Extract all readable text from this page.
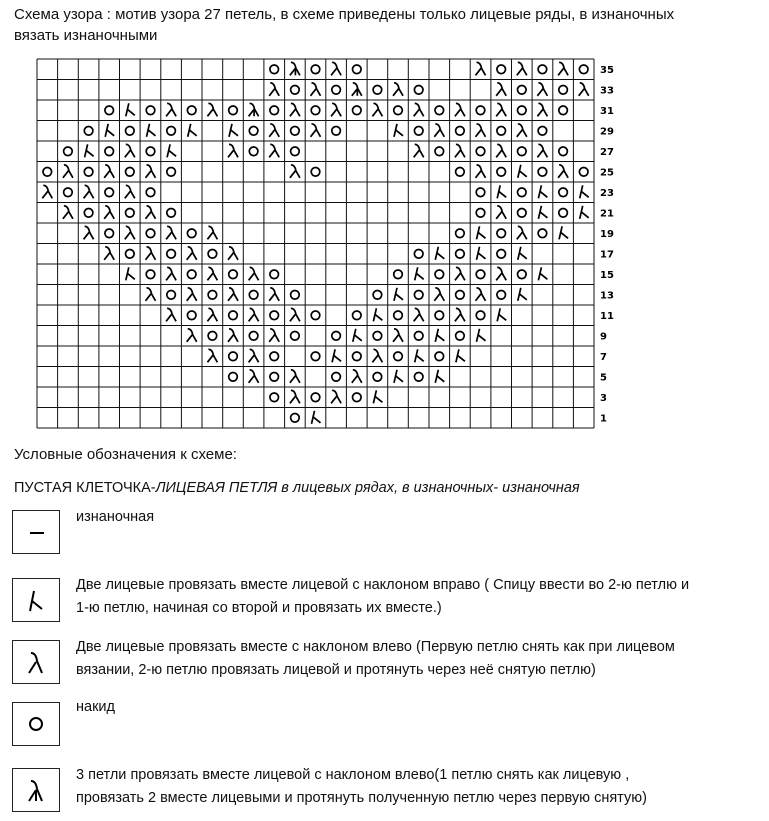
Схема узора : мотив узора 27 петель, в схеме приведены только лицевые ряды, в изнаночных
вязать изнаночными
35
33
31
29
27
25
23
21
19
17
15
13
11
9
7
5
3
1
Условные обозначения к схеме:
ПУСТАЯ КЛЕТОЧКА-ЛИЦЕВАЯ ПЕТЛЯ в лицевых рядах, в изнаночных- изнаночная
изнаночная
Две лицевые провязать вместе лицевой с наклоном вправо ( Спицу ввести во 2-ю петлю и
1-ю петлю, начиная со второй и провязать их вместе.)
Две лицевые провязать вместе с наклоном влево (Первую петлю снять как при лицевом
вязании, 2-ю петлю провязать лицевой и протянуть через неё снятую петлю)
накид
3 петли провязать вместе лицевой с наклоном влево(1 петлю снять как лицевую ,
провязать 2 вместе лицевыми и протянуть полученную петлю через первую снятую)
